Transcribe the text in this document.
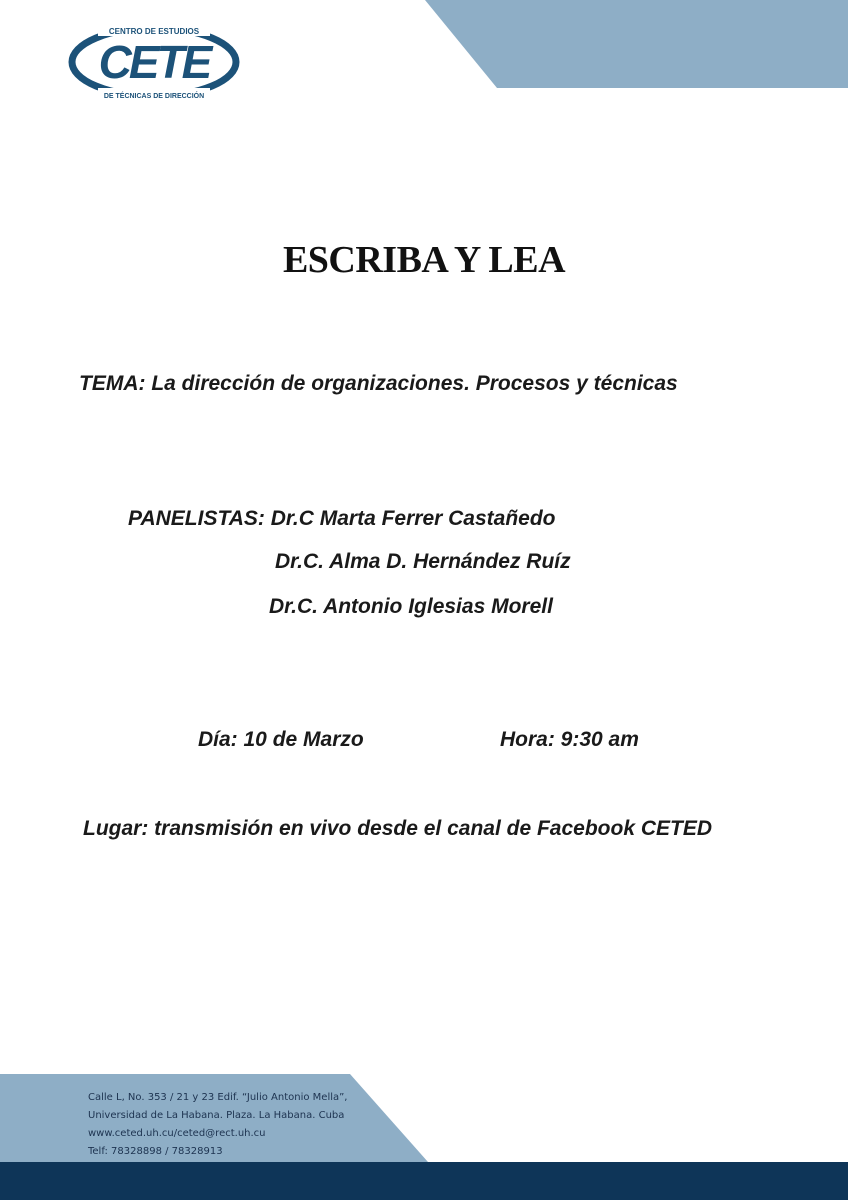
CENTRO DE ESTUDIOS
CETE
DE TÉCNICAS DE DIRECCIÓN
ESCRIBA Y LEA
TEMA: La dirección de organizaciones. Procesos y técnicas
PANELISTAS: Dr.C Marta Ferrer Castañedo
Dr.C. Alma D. Hernández Ruíz
Dr.C. Antonio Iglesias Morell
Día: 10 de Marzo	Hora: 9:30 am
Lugar: transmisión en vivo desde el canal de Facebook CETED
Calle L, No. 353 / 21 y 23 Edif. “Julio Antonio Mella”,
Universidad de La Habana. Plaza. La Habana. Cuba
www.ceted.uh.cu/ceted@rect.uh.cu
Telf: 78328898 / 78328913
